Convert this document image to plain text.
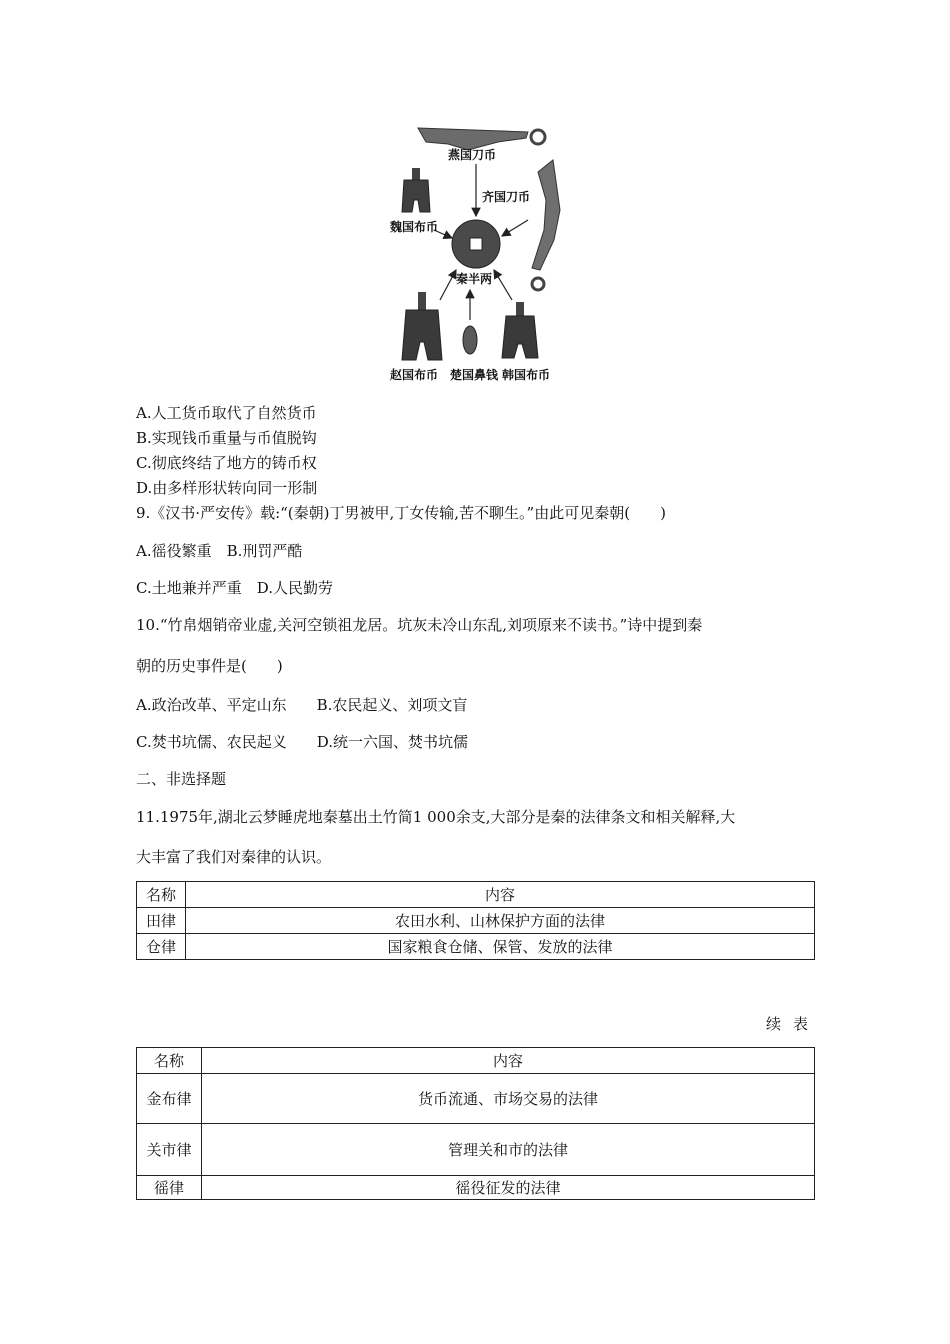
燕国刀币
齐国刀币
魏国布币
秦半两
赵国布币 楚国鼻钱 韩国布币
A.人工货币取代了自然货币
B.实现钱币重量与币值脱钩
C.彻底终结了地方的铸币权
D.由多样形状转向同一形制
9.《汉书·严安传》载:“(秦朝)丁男被甲,丁女传输,苦不聊生。”由此可见秦朝(　　)
A.徭役繁重　B.刑罚严酷
C.土地兼并严重　D.人民勤劳
10.“竹帛烟销帝业虚,关河空锁祖龙居。坑灰未冷山东乱,刘项原来不读书。”诗中提到秦
朝的历史事件是(　　)
A.政治改革、平定山东　　B.农民起义、刘项文盲
C.焚书坑儒、农民起义　　D.统一六国、焚书坑儒
二、非选择题
11.1975年,湖北云梦睡虎地秦墓出土竹简1 000余支,大部分是秦的法律条文和相关解释,大
大丰富了我们对秦律的认识。
名称	内容
田律	农田水利、山林保护方面的法律
仓律	国家粮食仓储、保管、发放的法律
续表
名称	内容
金布律	货币流通、市场交易的法律
关市律	管理关和市的法律
徭律	徭役征发的法律
